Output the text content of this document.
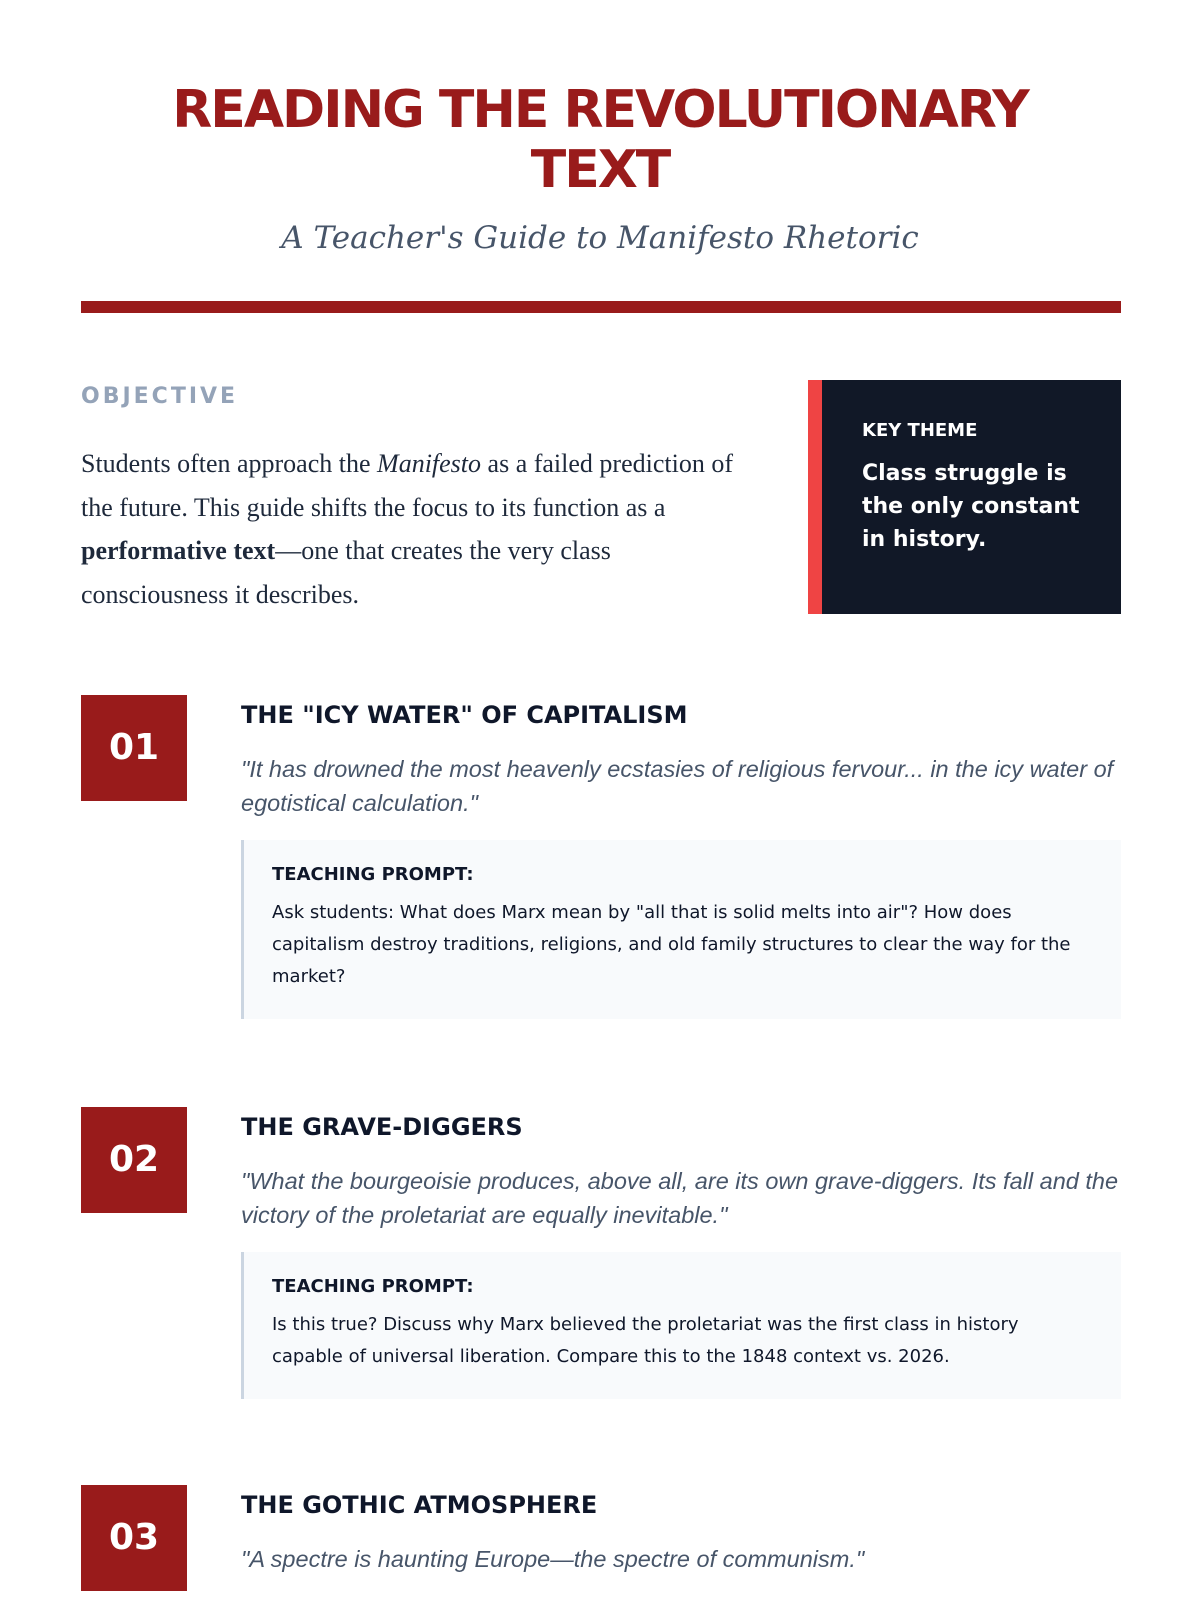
READING THE REVOLUTIONARY TEXT
A Teacher's Guide to Manifesto Rhetoric
OBJECTIVE

Students often approach the Manifesto as a failed prediction of the future. This guide shifts the focus to its function as a performative text—one that creates the very class consciousness it describes.

KEY THEME
Class struggle is the only constant in history.
01
THE "ICY WATER" OF CAPITALISM

"It has drowned the most heavenly ecstasies of religious fervour... in the icy water of egotistical calculation."

TEACHING PROMPT:

Ask students: What does Marx mean by "all that is solid melts into air"? How does capitalism destroy traditions, religions, and old family structures to clear the way for the market?

02
THE GRAVE-DIGGERS

"What the bourgeoisie produces, above all, are its own grave-diggers. Its fall and the victory of the proletariat are equally inevitable."

TEACHING PROMPT:

Is this true? Discuss why Marx believed the proletariat was the first class in history capable of universal liberation. Compare this to the 1848 context vs. 2026.

03
THE GOTHIC ATMOSPHERE

"A spectre is haunting Europe—the spectre of communism."
